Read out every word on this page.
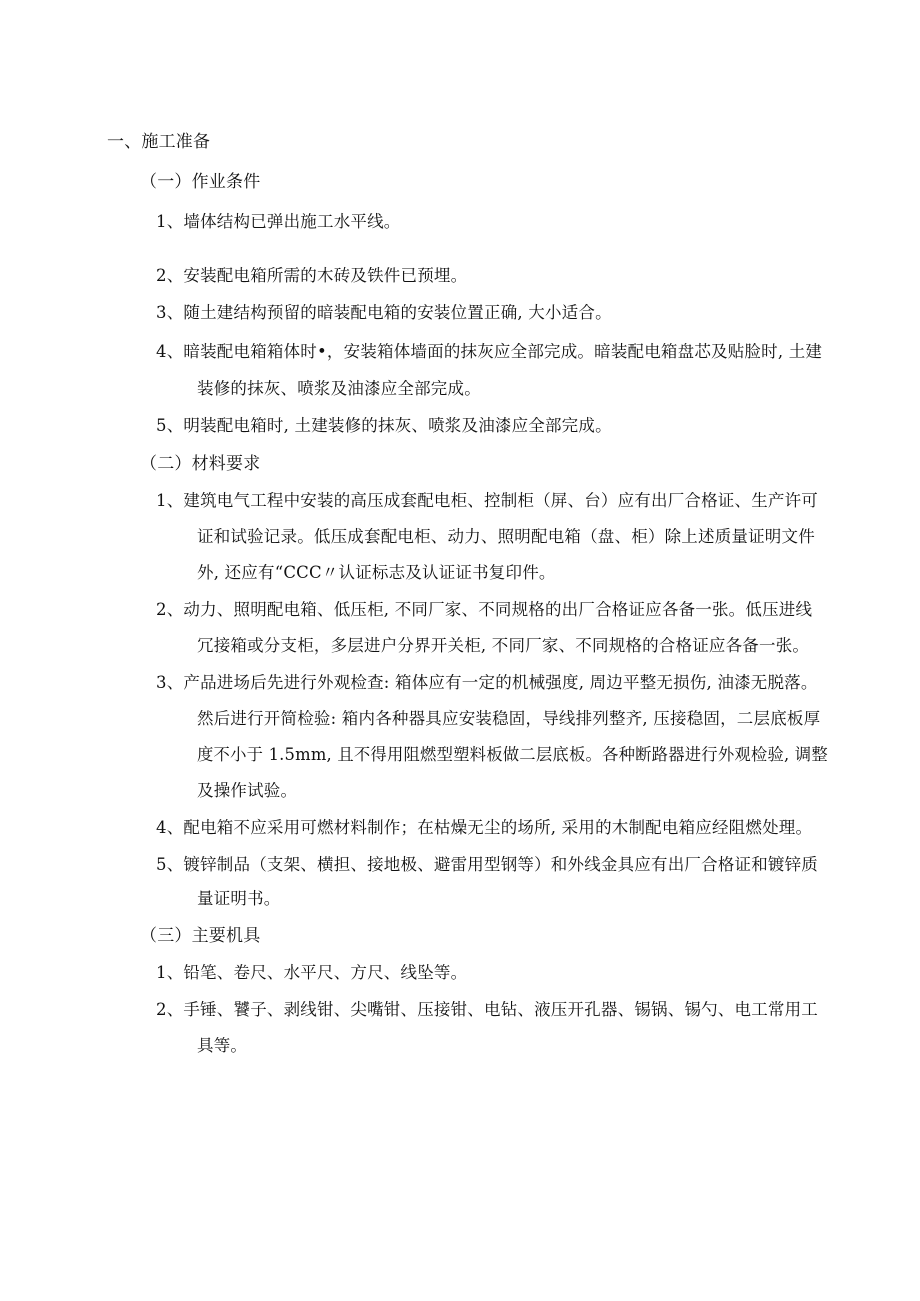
一、施工准备
（一）作业条件
1、墙体结构已弹出施工水平线。
2、安装配电箱所需的木砖及铁件已预埋。
3、随土建结构预留的暗装配电箱的安装位置正确, 大小适合。
4、暗装配电箱箱体时•，安装箱体墙面的抹灰应全部完成。暗装配电箱盘芯及贴脸时, 土建
装修的抹灰、喷浆及油漆应全部完成。
5、明装配电箱时, 土建装修的抹灰、喷浆及油漆应全部完成。
（二）材料要求
1、建筑电气工程中安装的高压成套配电柜、控制柜（屏、台）应有出厂合格证、生产许可
证和试验记录。低压成套配电柜、动力、照明配电箱（盘、柜）除上述质量证明文件
外, 还应有“CCC〃认证标志及认证证书复印件。
2、动力、照明配电箱、低压柜, 不同厂家、不同规格的出厂合格证应各备一张。低压进线
冗接箱或分支柜，多层进户分界开关柜, 不同厂家、不同规格的合格证应各备一张。
3、产品进场后先进行外观检查: 箱体应有一定的机械强度, 周边平整无损伤, 油漆无脱落。
然后进行开简检验: 箱内各种器具应安装稳固，导线排列整齐, 压接稳固，二层底板厚
度不小于 1.5mm, 且不得用阻燃型塑料板做二层底板。各种断路器进行外观检验, 调整
及操作试验。
4、配电箱不应采用可燃材料制作；在枯燥无尘的场所, 采用的木制配电箱应经阻燃处理。
5、镀锌制品（支架、横担、接地极、避雷用型钢等）和外线金具应有出厂合格证和镀锌质
量证明书。
（三）主要机具
1、铅笔、卷尺、水平尺、方尺、线坠等。
2、手锤、饕子、剥线钳、尖嘴钳、压接钳、电钻、液压开孔器、锡锅、锡勺、电工常用工
具等。
